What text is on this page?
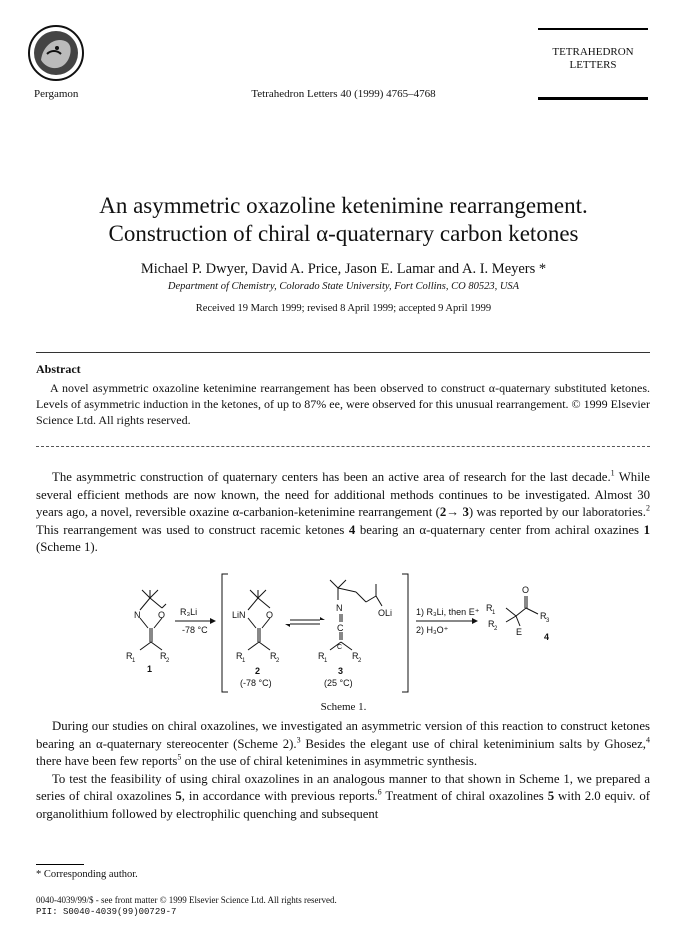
Pergamon	Tetrahedron Letters 40 (1999) 4765–4768
TETRAHEDRON
LETTERS
An asymmetric oxazoline ketenimine rearrangement.
Construction of chiral α-quaternary carbon ketones
Michael P. Dwyer, David A. Price, Jason E. Lamar and A. I. Meyers *
Department of Chemistry, Colorado State University, Fort Collins, CO 80523, USA
Received 19 March 1999; revised 8 April 1999; accepted 9 April 1999
Abstract
A novel asymmetric oxazoline ketenimine rearrangement has been observed to construct α-quaternary substituted ketones. Levels of asymmetric induction in the ketones, of up to 87% ee, were observed for this unusual rearrangement. © 1999 Elsevier Science Ltd. All rights reserved.

The asymmetric construction of quaternary centers has been an active area of research for the last decade.$^1$ While several efficient methods are now known, the need for additional methods continues to be investigated. Almost 30 years ago, a novel, reversible oxazine α-carbanion-ketenimine rearrangement (2→ 3) was reported by our laboratories.$^2$ This rearrangement was used to construct racemic ketones 4 bearing an α-quaternary center from achiral oxazines 1 (Scheme 1).

N O
R 1	R 2
1
R₃Li
-78 °C
LiN O
R 1	R 2
2
(-78 °C)
N
C
C
OLi
R 1	R 2
3
(25 °C)
1) R₃Li, then E⁺
2) H₃O⁺
O
R 1	R 3
R 2 E 4
Scheme 1.

During our studies on chiral oxazolines, we investigated an asymmetric version of this reaction to construct ketones bearing an α-quaternary stereocenter (Scheme 2).$^3$ Besides the elegant use of chiral keteniminium salts by Ghosez,$^4$ there have been few reports$^5$ on the use of chiral ketenimines in asymmetric synthesis.

To test the feasibility of using chiral oxazolines in an analogous manner to that shown in Scheme 1, we prepared a series of chiral oxazolines 5, in accordance with previous reports.$^6$ Treatment of chiral oxazolines 5 with 2.0 equiv. of organolithium followed by electrophilic quenching and subsequent

* Corresponding author.
0040-4039/99/$ - see front matter © 1999 Elsevier Science Ltd. All rights reserved.
PII: S0040-4039(99)00729-7
